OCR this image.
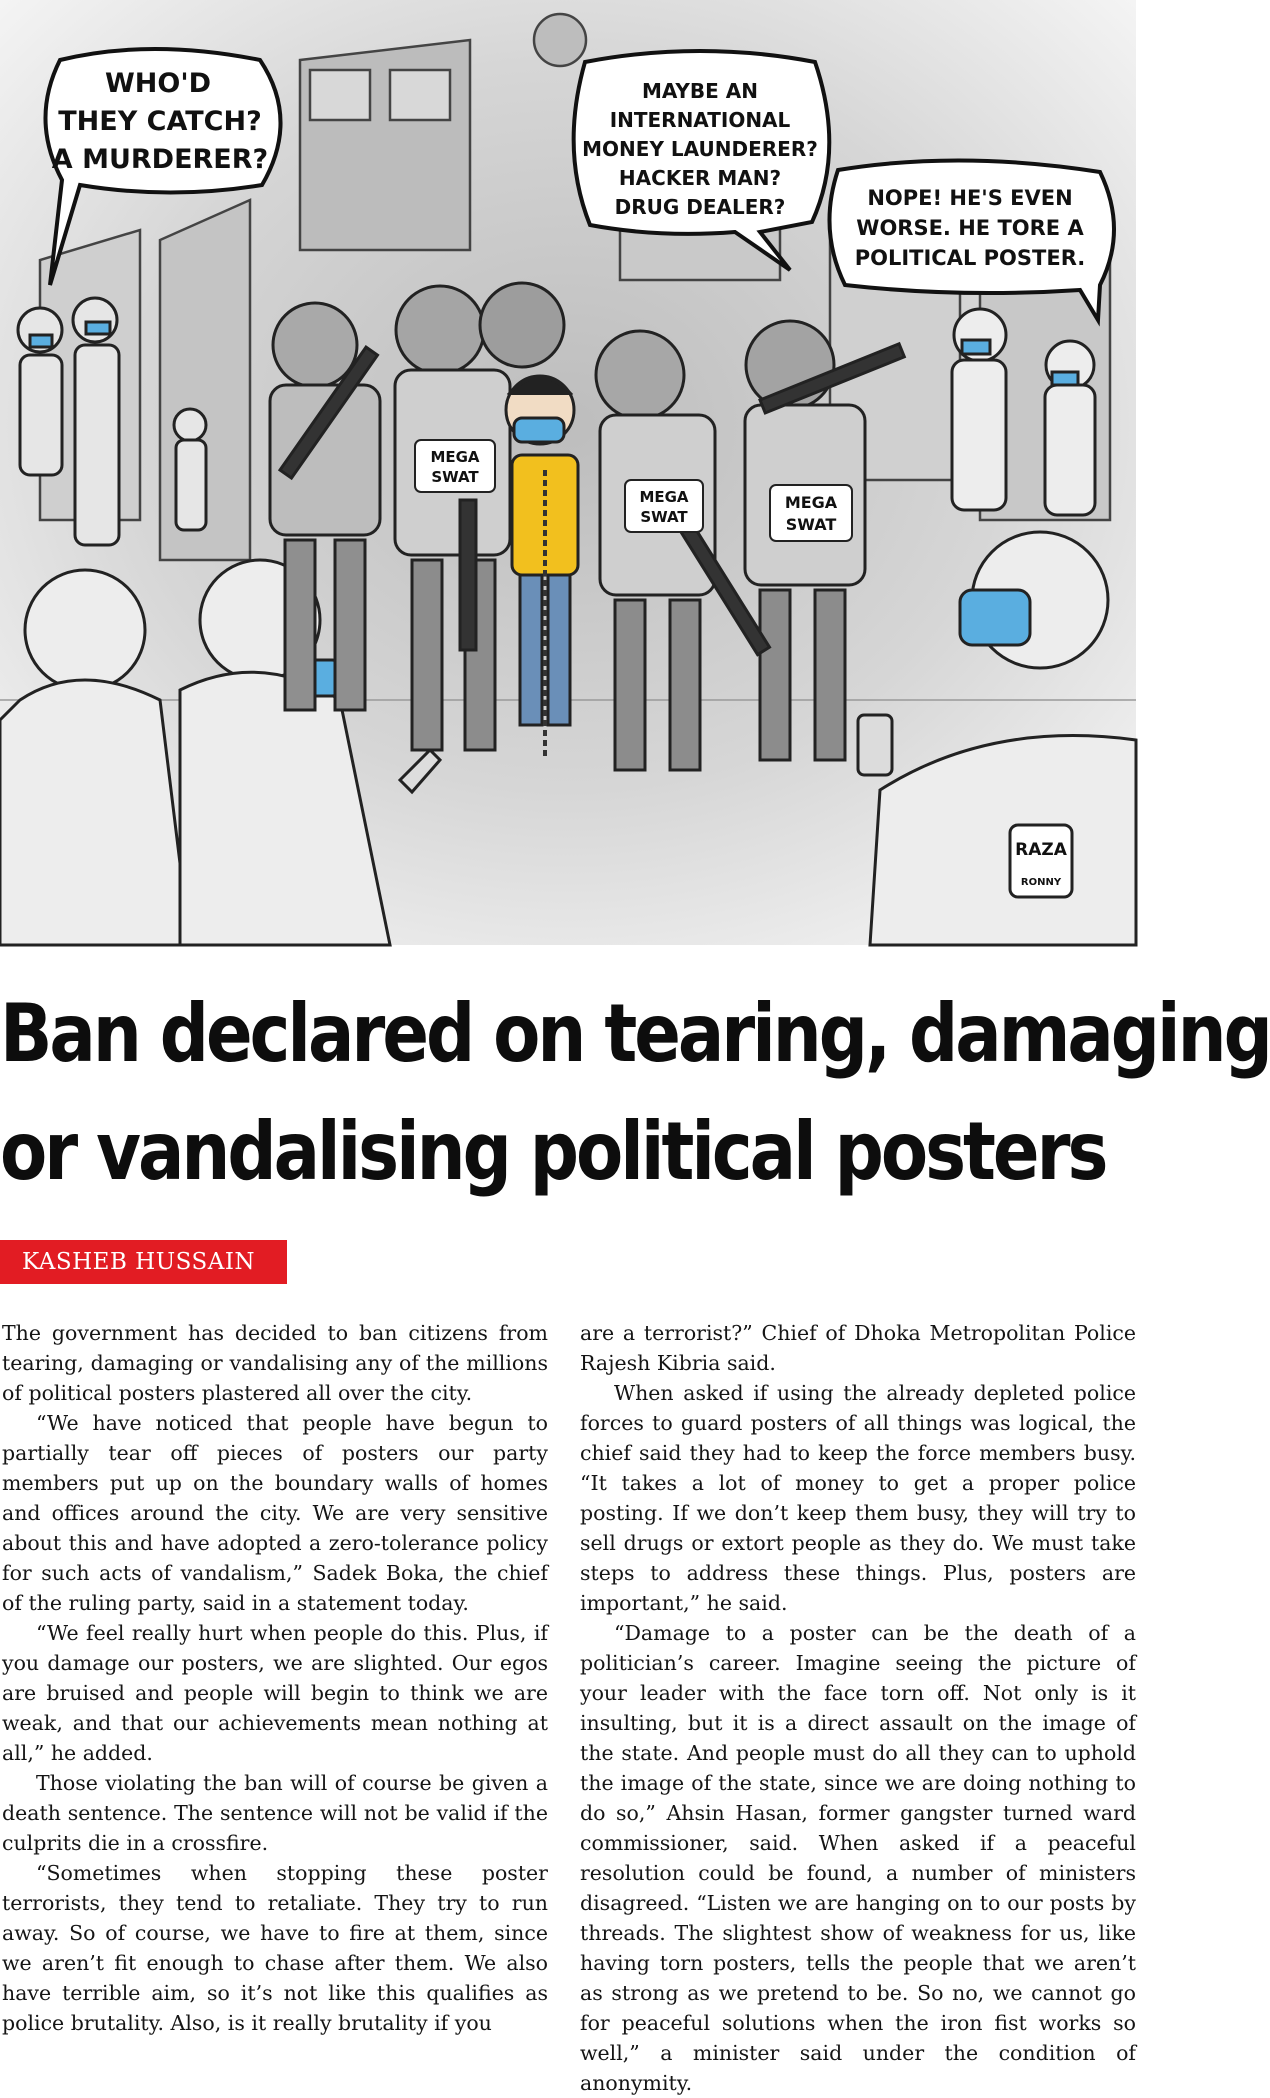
WHO'D
THEY CATCH?
A MURDERER?
MAYBE AN
INTERNATIONAL
MONEY LAUNDERER?
HACKER MAN?
DRUG DEALER?	NOPE! HE'S EVEN
WORSE. HE TORE A
POLITICAL POSTER.
MEGA
SWAT
MEGA
SWAT
MEGA
SWAT
RAZA
RONNY
Ban declared on tearing, damaging
or vandalising political posters
KASHEB HUSSAIN

The government has decided to ban citizens from tearing, damaging or vandalising any of the millions of political posters plastered all over the city.

“We have noticed that people have begun to partially tear off pieces of posters our party members put up on the boundary walls of homes and offices around the city. We are very sensitive about this and have adopted a zero-tolerance policy for such acts of vandalism,” Sadek Boka, the chief of the ruling party, said in a statement today.

“We feel really hurt when people do this. Plus, if you damage our posters, we are slighted. Our egos are bruised and people will begin to think we are weak, and that our achievements mean nothing at all,” he added.

Those violating the ban will of course be given a death sentence. The sentence will not be valid if the culprits die in a crossfire.

“Sometimes when stopping these poster terrorists, they tend to retaliate. They try to run away. So of course, we have to fire at them, since we aren’t fit enough to chase after them. We also have terrible aim, so it’s not like this qualifies as police brutality. Also, is it really brutality if you

are a terrorist?” Chief of Dhoka Metropolitan Police Rajesh Kibria said.

When asked if using the already depleted police forces to guard posters of all things was logical, the chief said they had to keep the force members busy. “It takes a lot of money to get a proper police posting. If we don’t keep them busy, they will try to sell drugs or extort people as they do. We must take steps to address these things. Plus, posters are important,” he said.

“Damage to a poster can be the death of a politician’s career. Imagine seeing the picture of your leader with the face torn off. Not only is it insulting, but it is a direct assault on the image of the state. And people must do all they can to uphold the image of the state, since we are doing nothing to do so,” Ahsin Hasan, former gangster turned ward commissioner, said. When asked if a peaceful resolution could be found, a number of ministers disagreed. “Listen we are hanging on to our posts by threads. The slightest show of weakness for us, like having torn posters, tells the people that we aren’t as strong as we pretend to be. So no, we cannot go for peaceful solutions when the iron fist works so well,” a minister said under the condition of anonymity.
